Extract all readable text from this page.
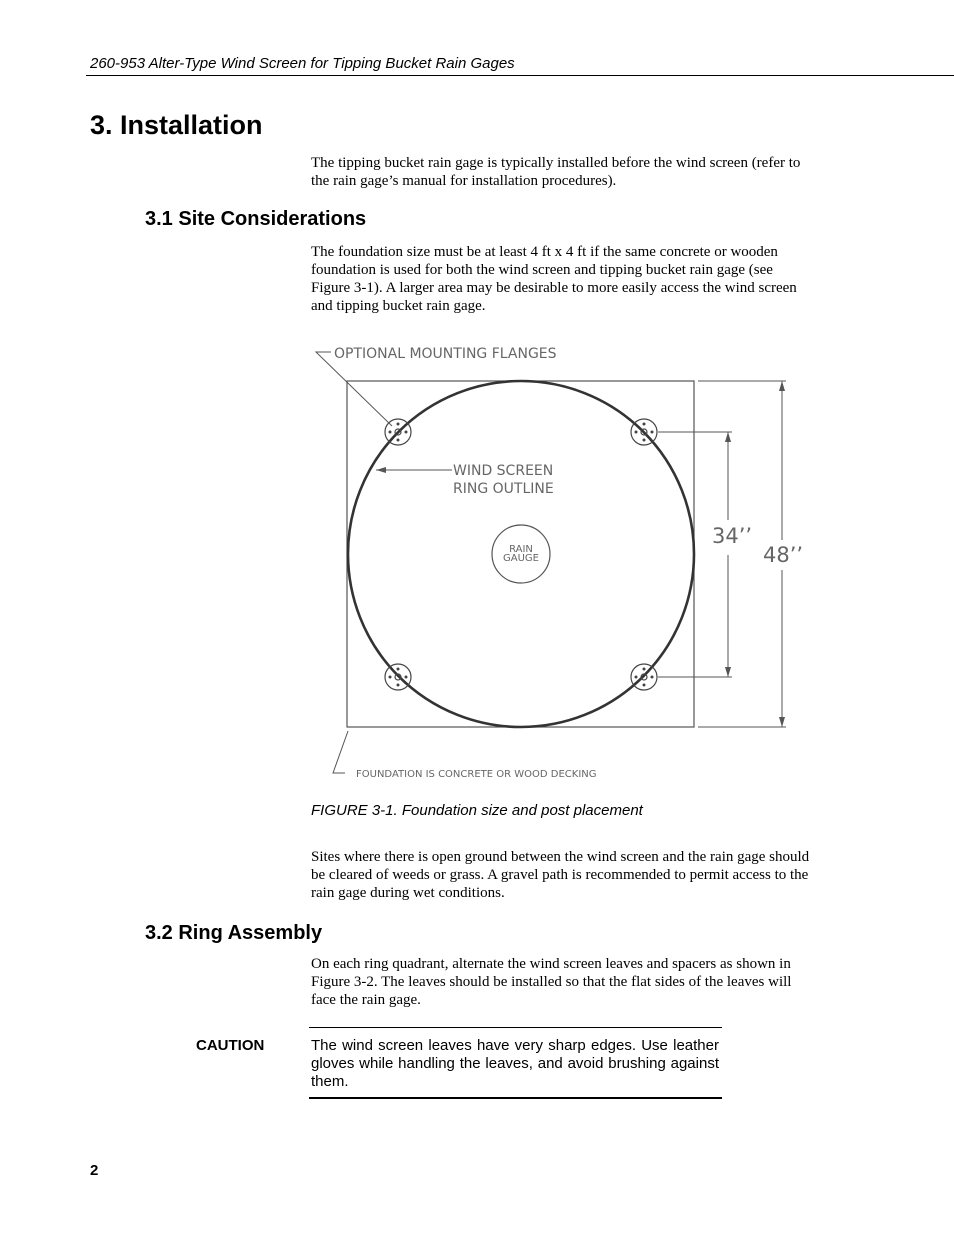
260-953 Alter-Type Wind Screen for Tipping Bucket Rain Gages
3. Installation
The tipping bucket rain gage is typically installed before the wind screen (refer to the rain gage’s manual for installation procedures).
3.1 Site Considerations
The foundation size must be at least 4 ft x 4 ft if the same concrete or wooden foundation is used for both the wind screen and tipping bucket rain gage (see Figure 3-1). A larger area may be desirable to more easily access the wind screen and tipping bucket rain gage.
OPTIONAL MOUNTING FLANGES
WIND SCREEN
RING OUTLINE
RAIN
GAUGE
34’’
48’’
FOUNDATION IS CONCRETE OR WOOD DECKING
FIGURE 3-1. Foundation size and post placement
Sites where there is open ground between the wind screen and the rain gage should be cleared of weeds or grass. A gravel path is recommended to permit access to the rain gage during wet conditions.
3.2 Ring Assembly
On each ring quadrant, alternate the wind screen leaves and spacers as shown in Figure 3-2. The leaves should be installed so that the flat sides of the leaves will face the rain gage.
CAUTION	The wind screen leaves have very sharp edges. Use leather gloves while handling the leaves, and avoid brushing against them.
2
